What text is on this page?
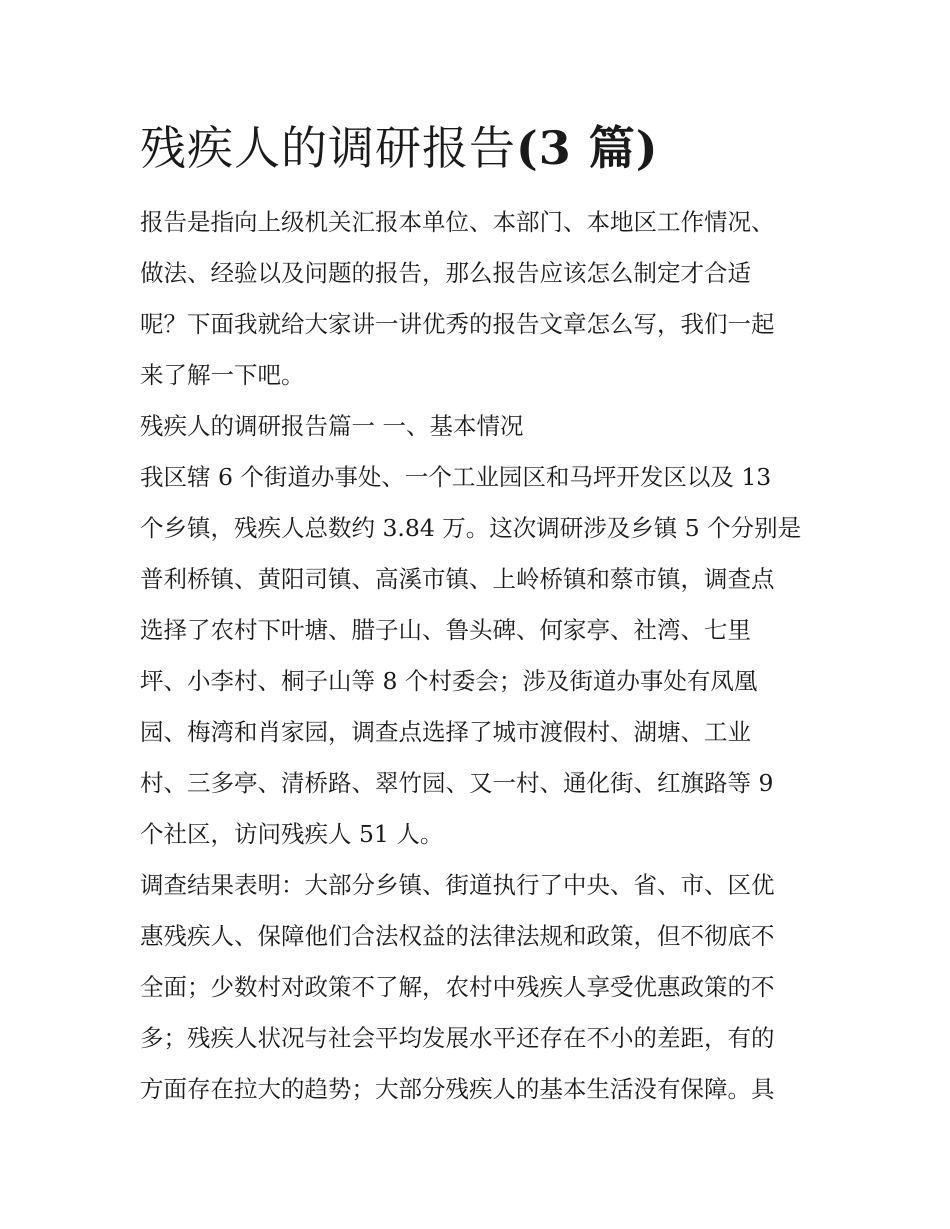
残疾人的调研报告(3 篇)

报告是指向上级机关汇报本单位、本部门、本地区工作情况、

做法、经验以及问题的报告，那么报告应该怎么制定才合适

呢？下面我就给大家讲一讲优秀的报告文章怎么写，我们一起

来了解一下吧。

残疾人的调研报告篇一 一、基本情况

我区辖 6 个街道办事处、一个工业园区和马坪开发区以及 13

个乡镇，残疾人总数约 3.84 万。这次调研涉及乡镇 5 个分别是

普利桥镇、黄阳司镇、高溪市镇、上岭桥镇和蔡市镇，调查点

选择了农村下叶塘、腊子山、鲁头碑、何家亭、社湾、七里

坪、小李村、桐子山等 8 个村委会；涉及街道办事处有凤凰

园、梅湾和肖家园，调查点选择了城市渡假村、湖塘、工业

村、三多亭、清桥路、翠竹园、又一村、通化街、红旗路等 9

个社区，访问残疾人 51 人。

调查结果表明：大部分乡镇、街道执行了中央、省、市、区优

惠残疾人、保障他们合法权益的法律法规和政策，但不彻底不

全面；少数村对政策不了解，农村中残疾人享受优惠政策的不

多；残疾人状况与社会平均发展水平还存在不小的差距，有的

方面存在拉大的趋势；大部分残疾人的基本生活没有保障。具
